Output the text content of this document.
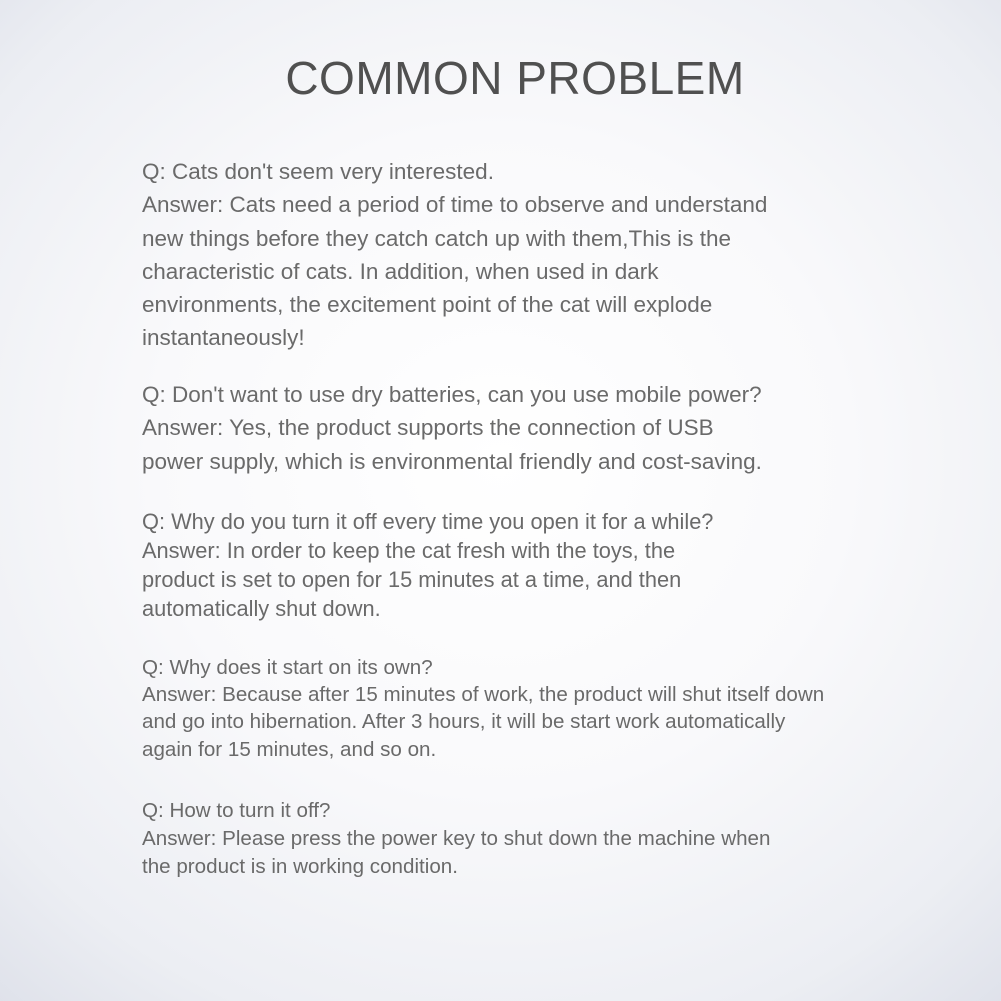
COMMON PROBLEM

Q: Cats don't seem very interested.

Answer: Cats need a period of time to observe and understand

new things before they catch catch up with them,This is the

characteristic of cats. In addition, when used in dark

environments, the excitement point of the cat will explode

instantaneously!

Q: Don't want to use dry batteries, can you use mobile power?

Answer: Yes, the product supports the connection of USB

power supply, which is environmental friendly and cost-saving.

Q: Why do you turn it off every time you open it for a while?

Answer: In order to keep the cat fresh with the toys, the

product is set to open for 15 minutes at a time, and then

automatically shut down.

Q: Why does it start on its own?

Answer: Because after 15 minutes of work, the product will shut itself down

and go into hibernation. After 3 hours, it will be start work automatically

again for 15 minutes, and so on.

Q: How to turn it off?

Answer: Please press the power key to shut down the machine when

the product is in working condition.
